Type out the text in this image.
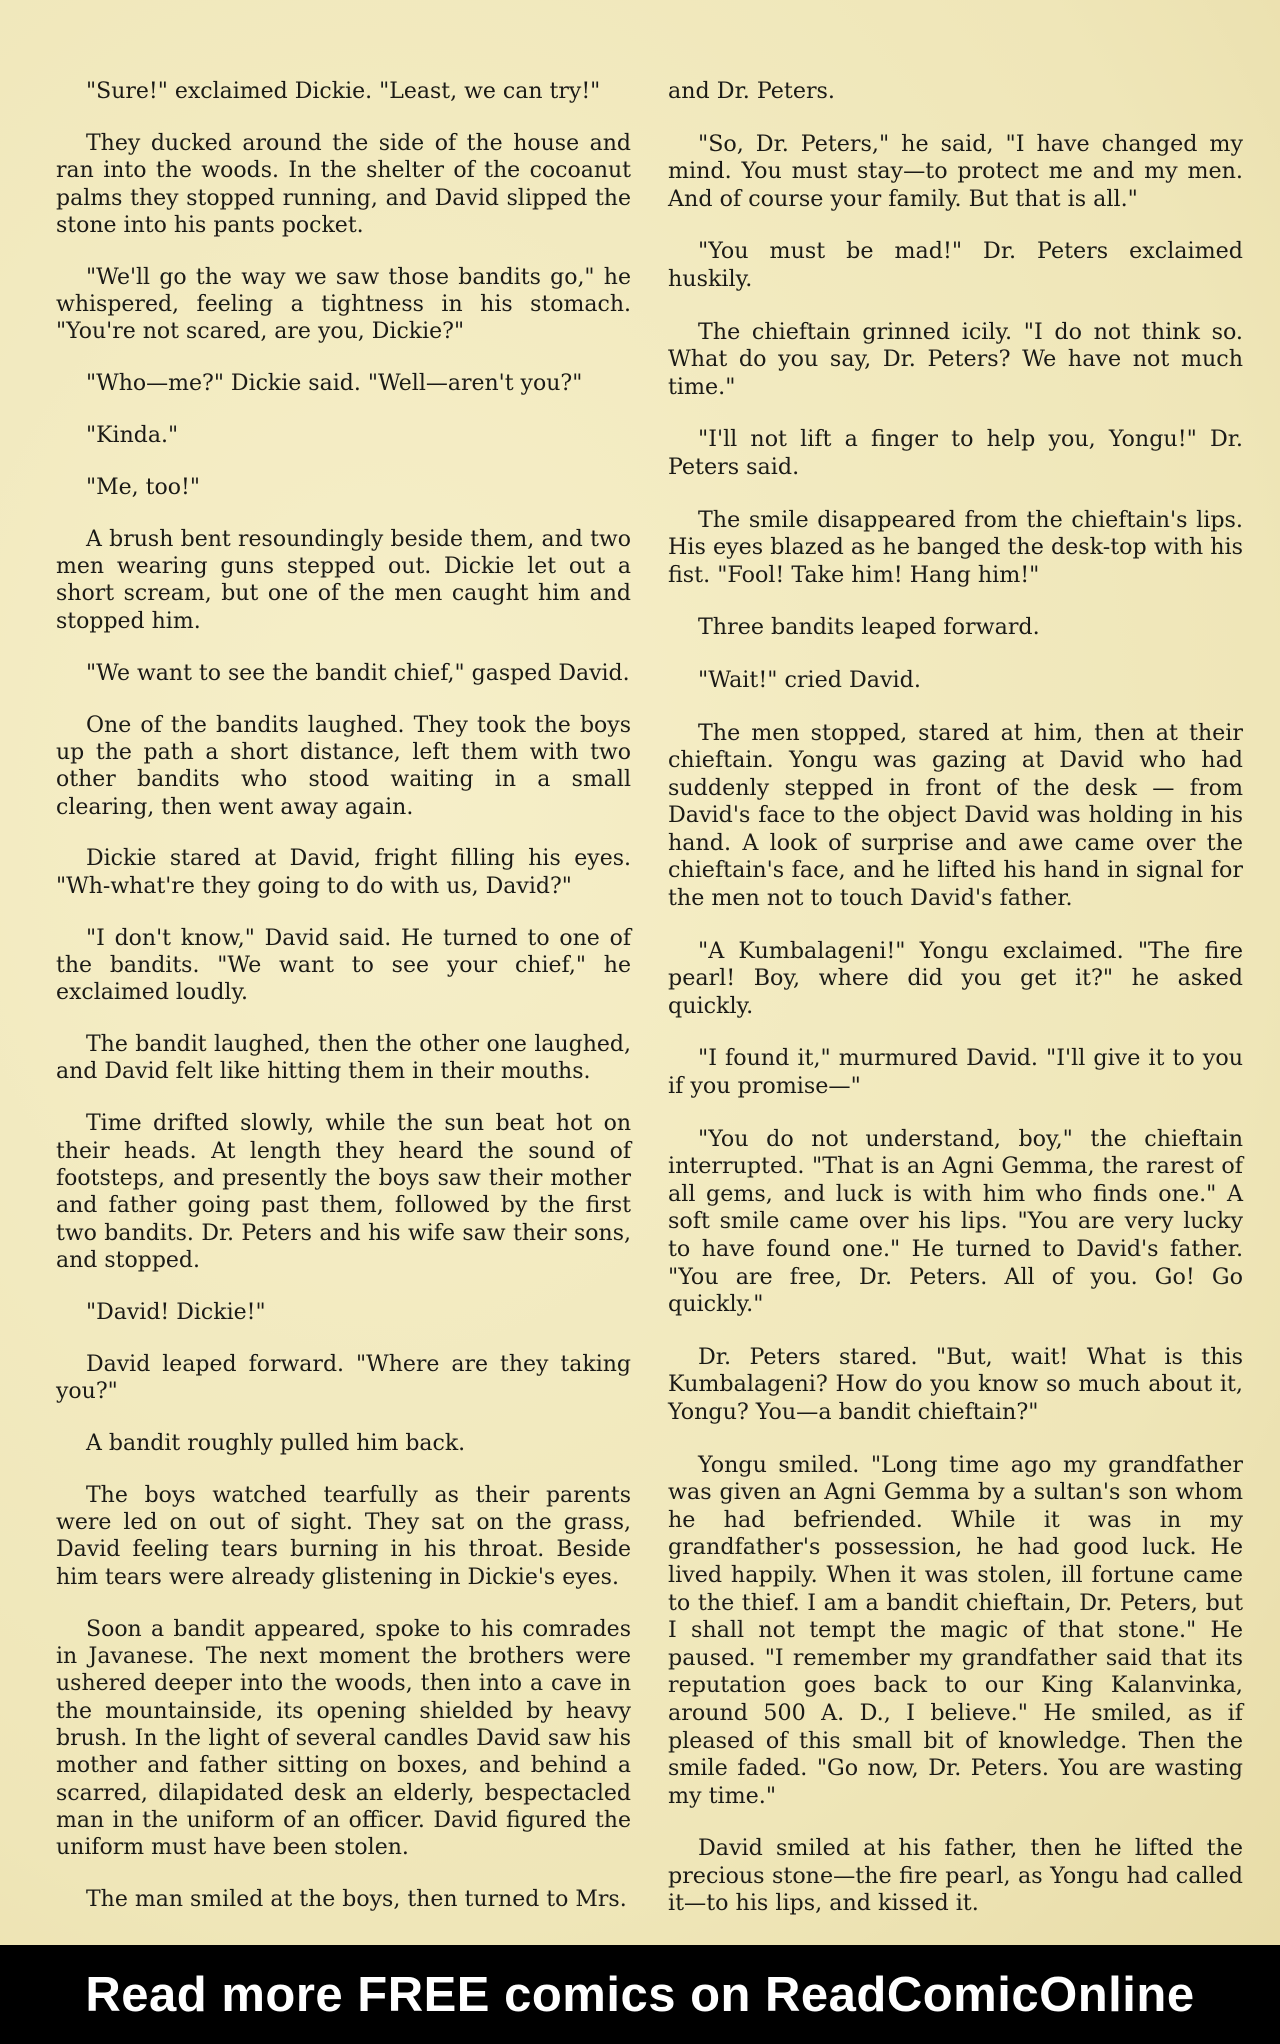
"Sure!" exclaimed Dickie. "Least, we can try!"

They ducked around the side of the house and ran into the woods. In the shelter of the cocoanut palms they stopped running, and David slipped the stone into his pants pocket.

"We'll go the way we saw those bandits go," he whispered, feeling a tightness in his stomach. "You're not scared, are you, Dickie?"

"Who—me?" Dickie said. "Well—aren't you?"

"Kinda."

"Me, too!"

A brush bent resoundingly beside them, and two men wearing guns stepped out. Dickie let out a short scream, but one of the men caught him and stopped him.

"We want to see the bandit chief," gasped David.

One of the bandits laughed. They took the boys up the path a short distance, left them with two other bandits who stood waiting in a small clearing, then went away again.

Dickie stared at David, fright filling his eyes. "Wh-what're they going to do with us, David?"

"I don't know," David said. He turned to one of the bandits. "We want to see your chief," he exclaimed loudly.

The bandit laughed, then the other one laughed, and David felt like hitting them in their mouths.

Time drifted slowly, while the sun beat hot on their heads. At length they heard the sound of footsteps, and presently the boys saw their mother and father going past them, followed by the first two bandits. Dr. Peters and his wife saw their sons, and stopped.

"David! Dickie!"

David leaped forward. "Where are they taking you?"

A bandit roughly pulled him back.

The boys watched tearfully as their parents were led on out of sight. They sat on the grass, David feeling tears burning in his throat. Beside him tears were already glistening in Dickie's eyes.

Soon a bandit appeared, spoke to his comrades in Javanese. The next moment the brothers were ushered deeper into the woods, then into a cave in the mountainside, its opening shielded by heavy brush. In the light of several candles David saw his mother and father sitting on boxes, and behind a scarred, dilapidated desk an elderly, bespectacled man in the uniform of an officer. David figured the uniform must have been stolen.

The man smiled at the boys, then turned to Mrs.

and Dr. Peters.

"So, Dr. Peters," he said, "I have changed my mind. You must stay—to protect me and my men. And of course your family. But that is all."

"You must be mad!" Dr. Peters exclaimed huskily.

The chieftain grinned icily. "I do not think so. What do you say, Dr. Peters? We have not much time."

"I'll not lift a finger to help you, Yongu!" Dr. Peters said.

The smile disappeared from the chieftain's lips. His eyes blazed as he banged the desk-top with his fist. "Fool! Take him! Hang him!"

Three bandits leaped forward.

"Wait!" cried David.

The men stopped, stared at him, then at their chieftain. Yongu was gazing at David who had suddenly stepped in front of the desk — from David's face to the object David was holding in his hand. A look of surprise and awe came over the chieftain's face, and he lifted his hand in signal for the men not to touch David's father.

"A Kumbalageni!" Yongu exclaimed. "The fire pearl! Boy, where did you get it?" he asked quickly.

"I found it," murmured David. "I'll give it to you if you promise—"

"You do not understand, boy," the chieftain interrupted. "That is an Agni Gemma, the rarest of all gems, and luck is with him who finds one." A soft smile came over his lips. "You are very lucky to have found one." He turned to David's father. "You are free, Dr. Peters. All of you. Go! Go quickly."

Dr. Peters stared. "But, wait! What is this Kumbalageni? How do you know so much about it, Yongu? You—a bandit chieftain?"

Yongu smiled. "Long time ago my grandfather was given an Agni Gemma by a sultan's son whom he had befriended. While it was in my grandfather's possession, he had good luck. He lived happily. When it was stolen, ill fortune came to the thief. I am a bandit chieftain, Dr. Peters, but I shall not tempt the magic of that stone." He paused. "I remember my grandfather said that its reputation goes back to our King Kalanvinka, around 500 A. D., I believe." He smiled, as if pleased of this small bit of knowledge. Then the smile faded. "Go now, Dr. Peters. You are wasting my time."

David smiled at his father, then he lifted the precious stone—the fire pearl, as Yongu had called it—to his lips, and kissed it.

Read more FREE comics on ReadComicOnline
